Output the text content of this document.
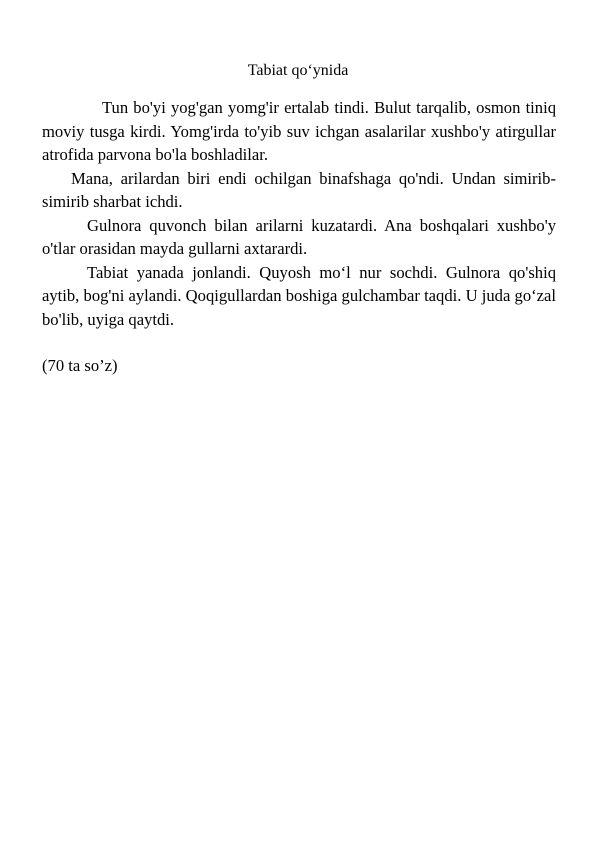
Tabiat qo‘ynida

Tun bo'yi yog'gan yomg'ir ertalab tindi. Bulut tarqalib, osmon tiniq moviy tusga kirdi. Yomg'irda to'yib suv ichgan asalarilar xushbo'y atirgullar atrofida parvona bo'la boshladilar.

Mana, arilardan biri endi ochilgan binafshaga qo'ndi. Undan simirib-simirib sharbat ichdi.

Gulnora quvonch bilan arilarni kuzatardi. Ana boshqalari xushbo'y o'tlar orasidan mayda gullarni axtarardi.

Tabiat yanada jonlandi. Quyosh mo‘l nur sochdi. Gulnora qo'shiq aytib, bog'ni aylandi. Qoqigullardan boshiga gulchambar taqdi. U juda go‘zal bo'lib, uyiga qaytdi.

(70 ta so’z)
